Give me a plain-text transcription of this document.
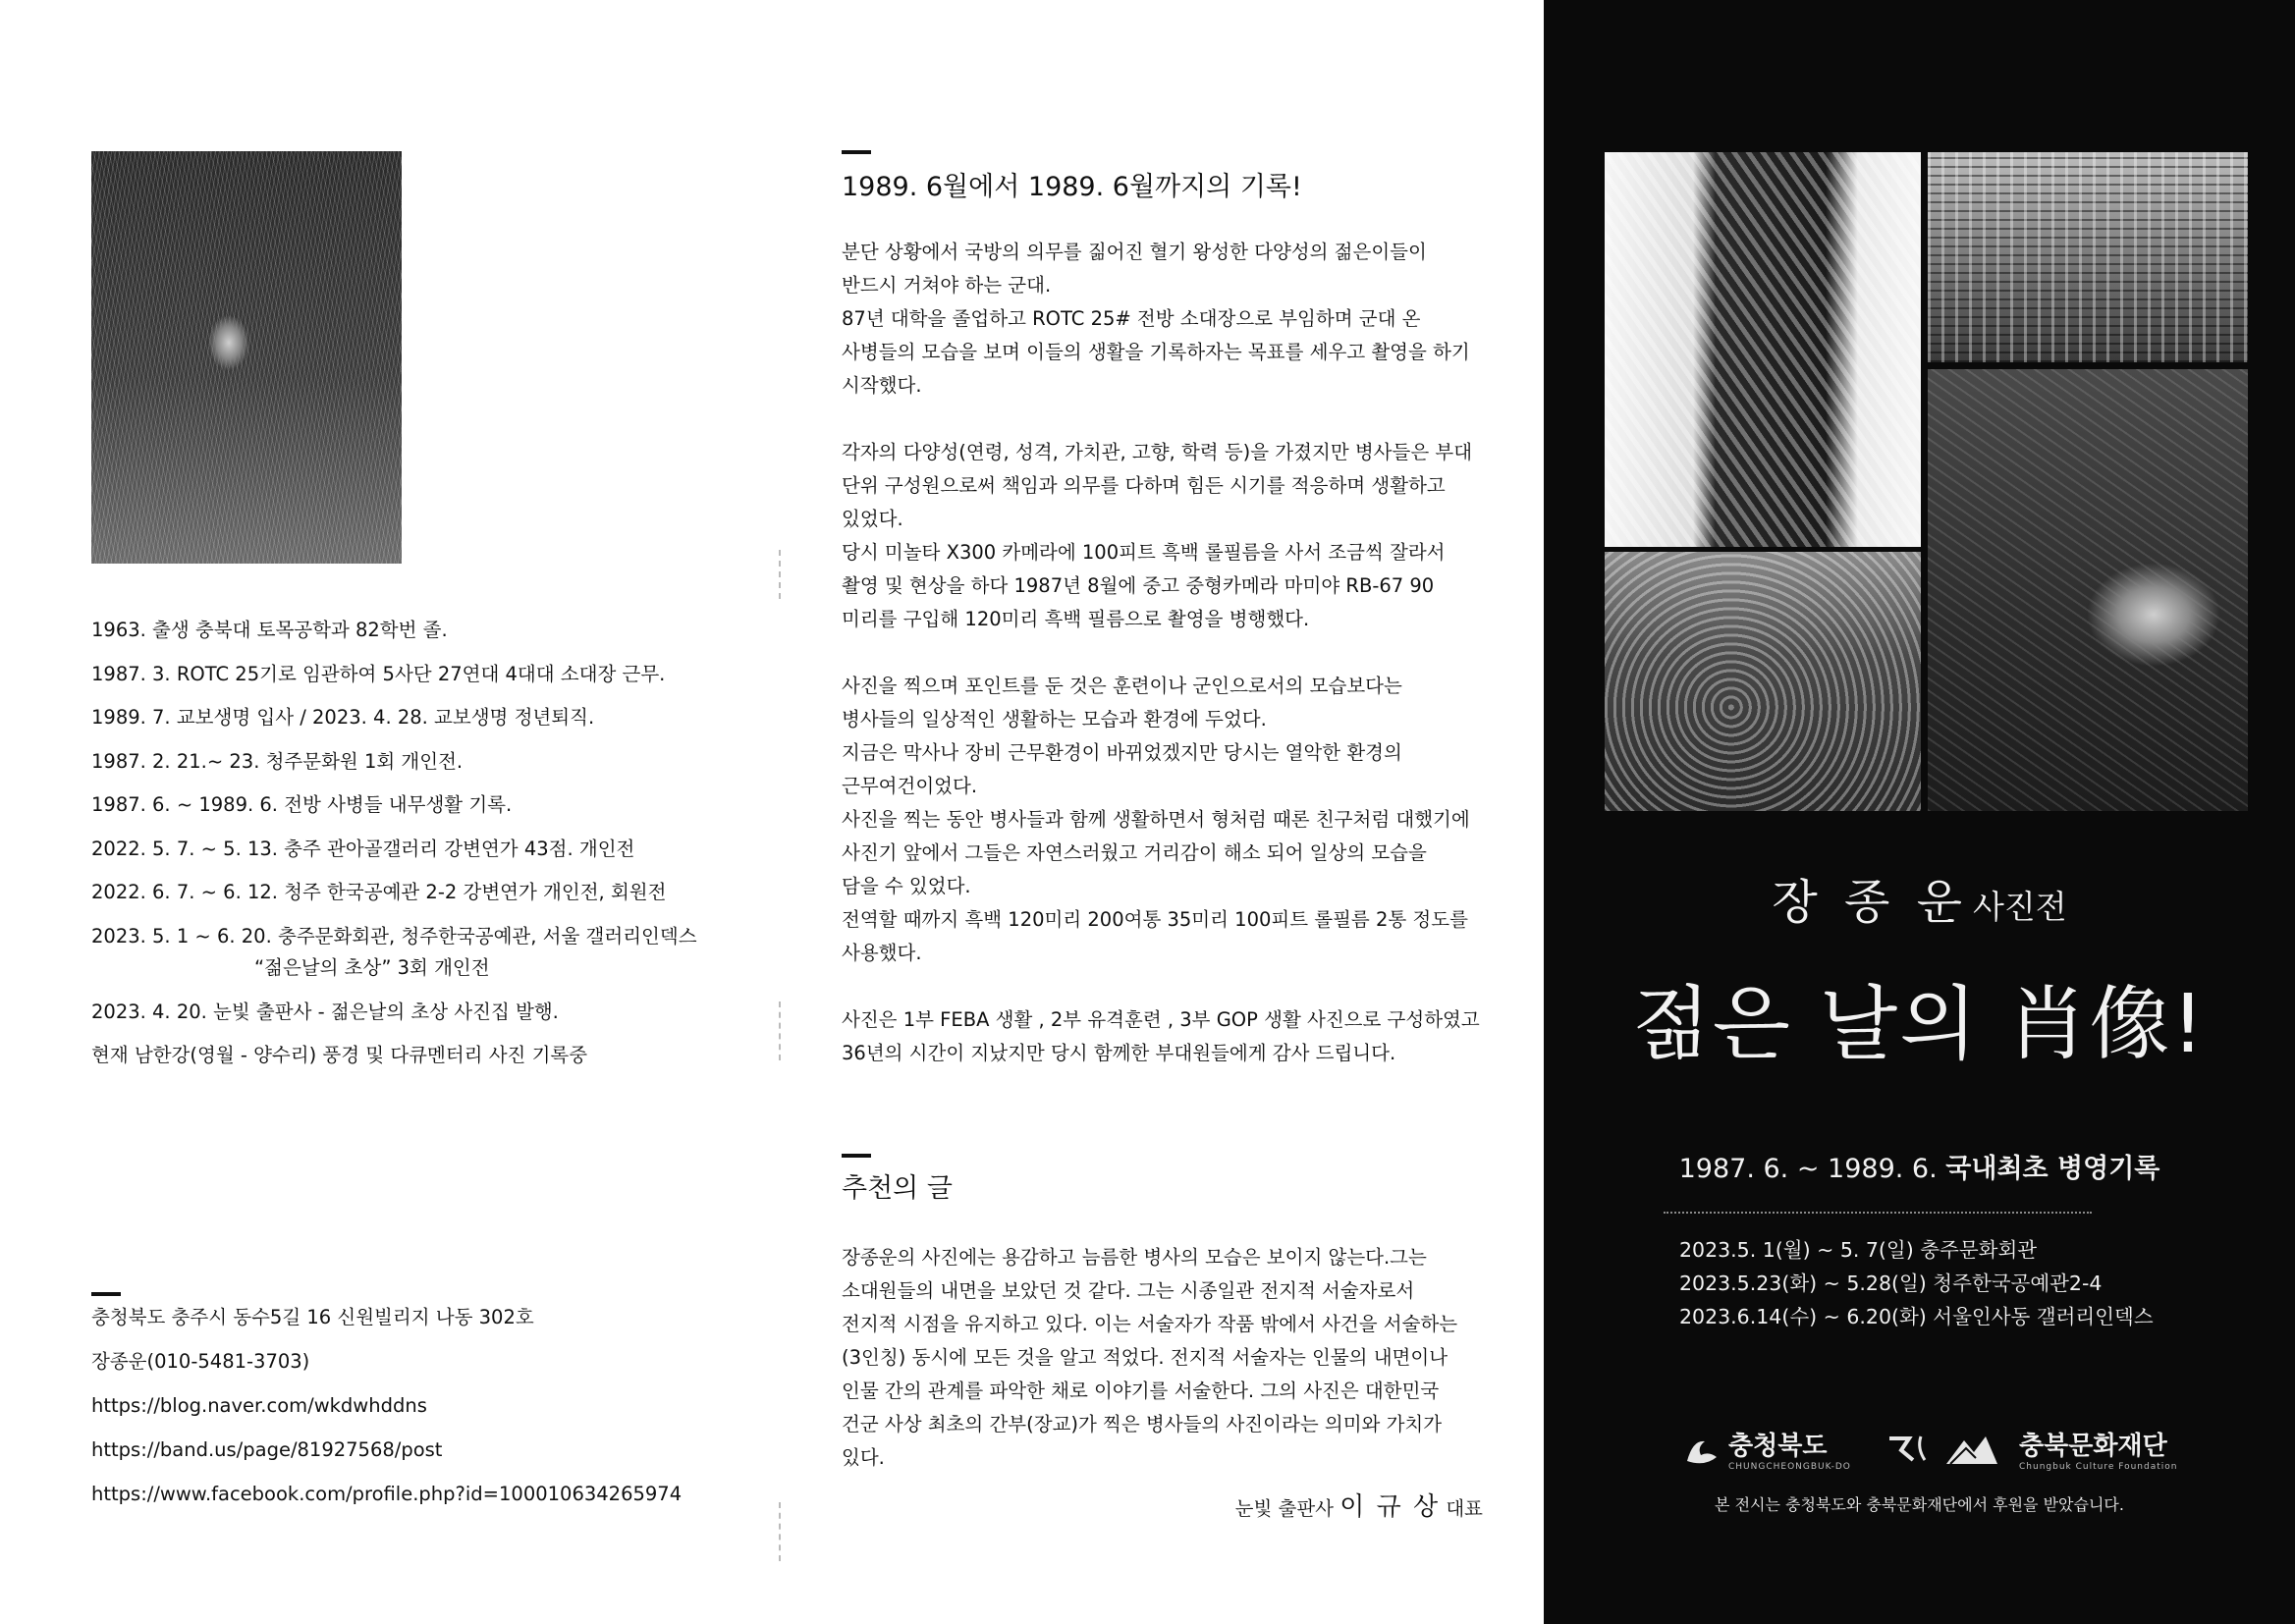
1963. 출생 충북대 토목공학과 82학번 졸.
1987. 3. ROTC 25기로 임관하여 5사단 27연대 4대대 소대장 근무.
1989. 7. 교보생명 입사 / 2023. 4. 28. 교보생명 정년퇴직.
1987. 2. 21.~ 23. 청주문화원 1회 개인전.
1987. 6. ~ 1989. 6. 전방 사병들 내무생활 기록.
2022. 5. 7. ~ 5. 13. 충주 관아골갤러리 강변연가 43점. 개인전
2022. 6. 7. ~ 6. 12. 청주 한국공예관 2-2 강변연가 개인전, 회원전
2023. 5. 1 ~ 6. 20. 충주문화회관, 청주한국공예관, 서울 갤러리인덱스
“젊은날의 초상” 3회 개인전
2023. 4. 20. 눈빛 출판사 - 젊은날의 초상 사진집 발행.
현재 남한강(영월 - 양수리) 풍경 및 다큐멘터리 사진 기록중
충청북도 충주시 동수5길 16 신원빌리지 나동 302호
장종운(010-5481-3703)
https://blog.naver.com/wkdwhddns
https://band.us/page/81927568/post
https://www.facebook.com/profile.php?id=100010634265974
1989. 6월에서 1989. 6월까지의 기록!
분단 상황에서 국방의 의무를 짊어진 혈기 왕성한 다양성의 젊은이들이
반드시 거쳐야 하는 군대.
87년 대학을 졸업하고 ROTC 25# 전방 소대장으로 부임하며 군대 온
사병들의 모습을 보며 이들의 생활을 기록하자는 목표를 세우고 촬영을 하기
시작했다.
각자의 다양성(연령, 성격, 가치관, 고향, 학력 등)을 가졌지만 병사들은 부대
단위 구성원으로써 책임과 의무를 다하며 힘든 시기를 적응하며 생활하고
있었다.
당시 미놀타 X300 카메라에 100피트 흑백 롤필름을 사서 조금씩 잘라서
촬영 및 현상을 하다 1987년 8월에 중고 중형카메라 마미야 RB-67 90
미리를 구입해 120미리 흑백 필름으로 촬영을 병행했다.
사진을 찍으며 포인트를 둔 것은 훈련이나 군인으로서의 모습보다는
병사들의 일상적인 생활하는 모습과 환경에 두었다.
지금은 막사나 장비 근무환경이 바뀌었겠지만 당시는 열악한 환경의
근무여건이었다.
사진을 찍는 동안 병사들과 함께 생활하면서 형처럼 때론 친구처럼 대했기에
사진기 앞에서 그들은 자연스러웠고 거리감이 해소 되어 일상의 모습을
담을 수 있었다.
전역할 때까지 흑백 120미리 200여통 35미리 100피트 롤필름 2통 정도를
사용했다.
사진은 1부 FEBA 생활 , 2부 유격훈련 , 3부 GOP 생활 사진으로 구성하였고
36년의 시간이 지났지만 당시 함께한 부대원들에게 감사 드립니다.
추천의 글
장종운의 사진에는 용감하고 늠름한 병사의 모습은 보이지 않는다.그는
소대원들의 내면을 보았던 것 같다. 그는 시종일관 전지적 서술자로서
전지적 시점을 유지하고 있다. 이는 서술자가 작품 밖에서 사건을 서술하는
(3인칭) 동시에 모든 것을 알고 적었다. 전지적 서술자는 인물의 내면이나
인물 간의 관계를 파악한 채로 이야기를 서술한다. 그의 사진은 대한민국
건군 사상 최초의 간부(장교)가 찍은 병사들의 사진이라는 의미와 가치가
있다.
눈빛 출판사 이 규 상 대표
장 종 운 사진전
젊은 날의 肖像!
1987. 6. ~ 1989. 6. 국내최초 병영기록
2023.5. 1(월) ~ 5. 7(일) 충주문화회관
2023.5.23(화) ~ 5.28(일) 청주한국공예관2-4
2023.6.14(수) ~ 6.20(화) 서울인사동 갤러리인덱스
충청북도
CHUNGCHEONGBUK-DO
충북문화재단
Chungbuk Culture Foundation
본 전시는 충청북도와 충북문화재단에서 후원을 받았습니다.
